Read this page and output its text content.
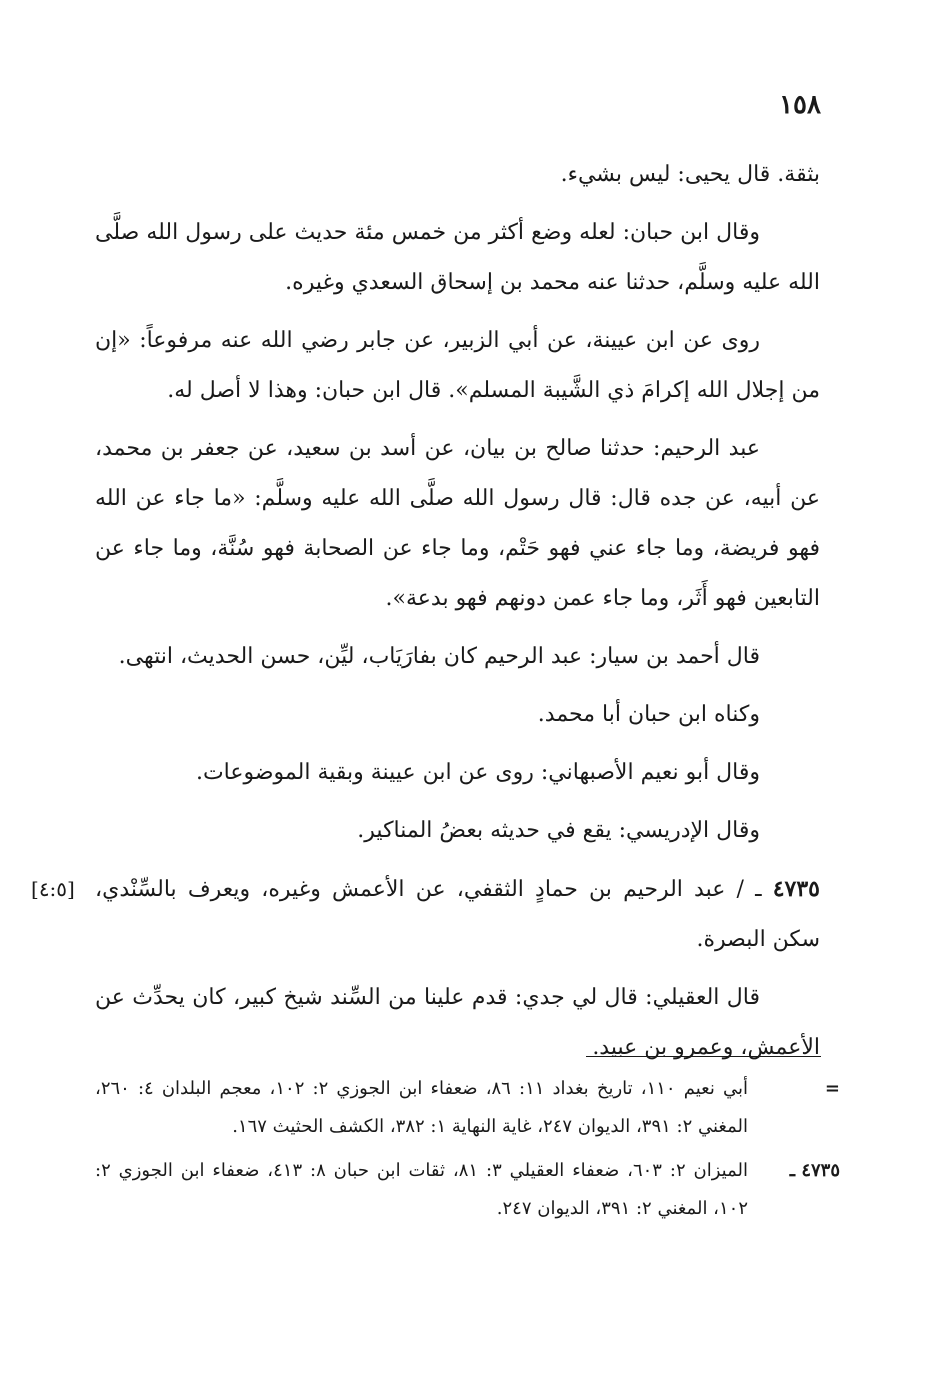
١٥٨

بثقة. قال يحيى: ليس بشيء.

وقال ابن حبان: لعله وضع أكثر من خمس مئة حديث على رسول الله صلَّى الله عليه وسلَّم، حدثنا عنه محمد بن إسحاق السعدي وغيره.

روى عن ابن عيينة، عن أبي الزبير، عن جابر رضي الله عنه مرفوعاً: «إن من إجلال الله إكرامَ ذي الشَّيبة المسلم». قال ابن حبان: وهذا لا أصل له.

عبد الرحيم: حدثنا صالح بن بيان، عن أسد بن سعيد، عن جعفر بن محمد، عن أبيه، عن جده قال: قال رسول الله صلَّى الله عليه وسلَّم: «ما جاء عن الله فهو فريضة، وما جاء عني فهو حَتْم، وما جاء عن الصحابة فهو سُنَّة، وما جاء عن التابعين فهو أَثَر، وما جاء عمن دونهم فهو بدعة».

قال أحمد بن سيار: عبد الرحيم كان بفارَيَاب، ليِّن، حسن الحديث، انتهى.

وكناه ابن حبان أبا محمد.

وقال أبو نعيم الأصبهاني: روى عن ابن عيينة وبقية الموضوعات.

وقال الإدريسي: يقع في حديثه بعضُ المناكير.

[٤:٥]	٤٧٣٥ ـ / عبد الرحيم بن حمادٍ الثقفي، عن الأعمش وغيره، ويعرف بالسِّنْدي، سكن البصرة.

قال العقيلي: قال لي جدي: قدم علينا من السِّند شيخ كبير، كان يحدِّث عن الأعمش، وعمرو بن عبيد.

=
أبي نعيم ١١٠، تاريخ بغداد ١١: ٨٦، ضعفاء ابن الجوزي ٢: ١٠٢، معجم البلدان ٤: ٢٦٠، المغني ٢: ٣٩١، الديوان ٢٤٧، غاية النهاية ١: ٣٨٢، الكشف الحثيث ١٦٧.
٤٧٣٥ ـ
الميزان ٢: ٦٠٣، ضعفاء العقيلي ٣: ٨١، ثقات ابن حبان ٨: ٤١٣، ضعفاء ابن الجوزي ٢: ١٠٢، المغني ٢: ٣٩١، الديوان ٢٤٧.
